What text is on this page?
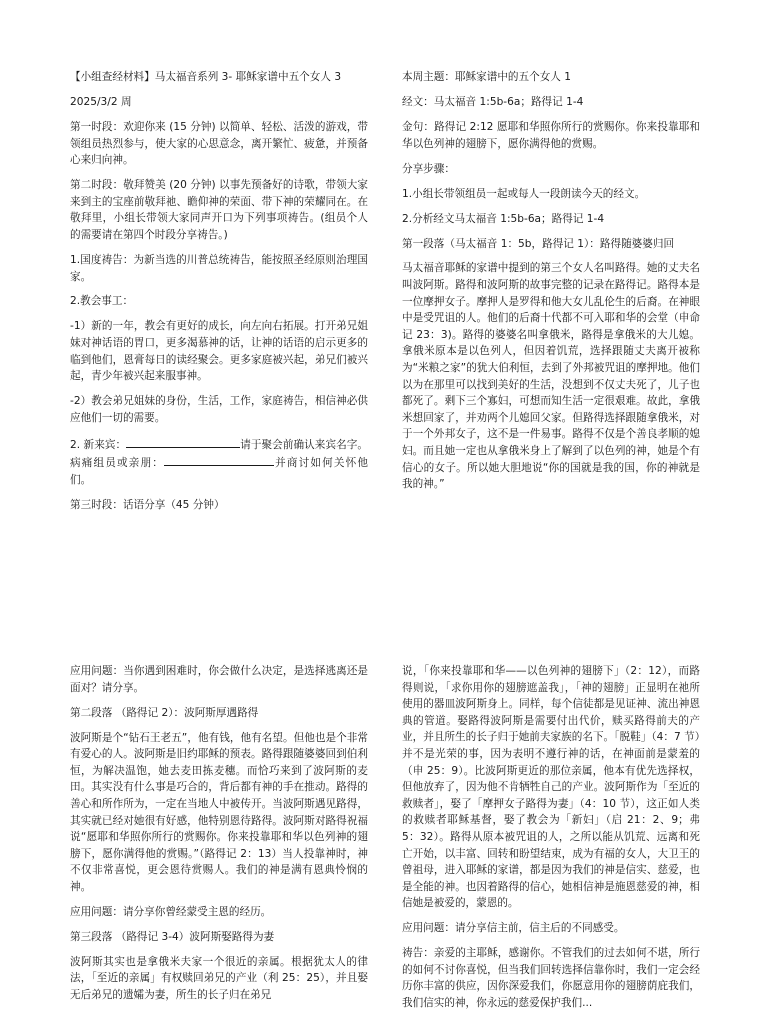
【小组查经材料】马太福音系列 3- 耶稣家谱中五个女人 3

2025/3/2 周

第一时段：欢迎你来 (15 分钟) 以简单、轻松、活泼的游戏，带领组员热烈参与，使大家的心思意念，离开繁忙、疲惫，并预备心来归向神。

第二时段：敬拜赞美 (20 分钟) 以事先预备好的诗歌，带领大家来到主的宝座前敬拜祂、瞻仰神的荣面、带下神的荣耀同在。在敬拜里，小组长带领大家同声开口为下列事项祷告。(组员个人的需要请在第四个时段分享祷告。)

1.国度祷告：为新当选的川普总统祷告，能按照圣经原则治理国家。

2.教会事工：

-1）新的一年，教会有更好的成长，向左向右拓展。打开弟兄姐妹对神话语的胃口，更多渴慕神的话，让神的话语的启示更多的临到他们，恩膏每日的读经聚会。更多家庭被兴起，弟兄们被兴起，青少年被兴起来服事神。

-2）教会弟兄姐妹的身份，生活，工作，家庭祷告，相信神必供应他们一切的需要。

2. 新来宾：	请于聚会前确认来宾名字。病痛组员或亲朋：	并商讨如何关怀他们。

第三时段：话语分享（45 分钟）

本周主题：耶稣家谱中的五个女人 1

经文：马太福音 1:5b-6a；路得记 1-4

金句：路得记 2:12 愿耶和华照你所行的赏赐你。你来投靠耶和华以色列神的翅膀下，愿你满得他的赏赐。

分享步骤：

1.小组长带领组员一起或每人一段朗读今天的经文。

2.分析经文马太福音 1:5b-6a；路得记 1-4

第一段落（马太福音 1：5b，路得记 1）：路得随婆婆归回

马太福音耶稣的家谱中提到的第三个女人名叫路得。她的丈夫名叫波阿斯。路得和波阿斯的故事完整的记录在路得记。路得本是一位摩押女子。摩押人是罗得和他大女儿乱伦生的后裔。在神眼中是受咒诅的人。他们的后裔十代都不可入耶和华的会堂（申命记 23：3)。路得的婆婆名叫拿俄米，路得是拿俄米的大儿媳。拿俄米原本是以色列人，但因着饥荒，选择跟随丈夫离开被称为“米粮之家”的犹大伯利恒，去到了外邦被咒诅的摩押地。他们以为在那里可以找到美好的生活，没想到不仅丈夫死了，儿子也都死了。剩下三个寡妇，可想而知生活一定很艰难。故此，拿俄米想回家了，并劝两个儿媳回父家。但路得选择跟随拿俄米，对于一个外邦女子，这不是一件易事。路得不仅是个善良孝顺的媳妇。而且她一定也从拿俄米身上了解到了以色列的神，她是个有信心的女子。所以她大胆地说“你的国就是我的国，你的神就是我的神。”

应用问题：当你遇到困难时，你会做什么决定，是选择逃离还是面对？请分享。

第二段落 （路得记 2）：波阿斯厚遇路得

波阿斯是个“钻石王老五”，他有钱，他有名望。但他也是个非常有爱心的人。波阿斯是旧约耶稣的预表。路得跟随婆婆回到伯利恒，为解决温饱，她去麦田拣麦穗。而恰巧来到了波阿斯的麦田。其实没有什么事是巧合的，背后都有神的手在推动。路得的善心和所作所为，一定在当地人中被传开。当波阿斯遇见路得，其实就已经对她很有好感，他特别恩待路得。波阿斯对路得祝福说“愿耶和华照你所行的赏赐你。你来投靠耶和华以色列神的翅膀下，愿你满得他的赏赐。”（路得记 2：13）当人投靠神时，神不仅非常喜悦，更会恩待赏赐人。我们的神是满有恩典怜悯的神。

应用问题：请分享你曾经蒙受主恩的经历。

第三段落 （路得记 3-4）波阿斯娶路得为妻

波阿斯其实也是拿俄米夫家一个很近的亲属。根据犹太人的律法，「至近的亲属」有权赎回弟兄的产业（利 25：25），并且娶无后弟兄的遗孀为妻，所生的长子归在弟兄

说，「你来投靠耶和华——以色列神的翅膀下」（2：12），而路得则说，「求你用你的翅膀遮盖我」，「神的翅膀」正显明在祂所使用的器皿波阿斯身上。同样，每个信徒都是见证神、流出神恩典的管道。娶路得波阿斯是需要付出代价，赎买路得前夫的产业，并且所生的长子归于她前夫家族的名下。「脱鞋」（4：7 节）并不是光荣的事，因为表明不遵行神的话，在神面前是蒙羞的（申 25：9）。比波阿斯更近的那位亲属，他本有优先选择权，但他放弃了，因为他不肯牺牲自己的产业。波阿斯作为「至近的救赎者」，娶了「摩押女子路得为妻」（4：10 节），这正如人类的救赎者耶稣基督，娶了教会为「新妇」（启 21：2、9；弗 5：32）。路得从原本被咒诅的人，之所以能从饥荒、远离和死亡开始，以丰富、回转和盼望结束，成为有福的女人，大卫王的曾祖母，进入耶稣的家谱，都是因为我们的神是信实、慈爱，也是全能的神。也因着路得的信心，她相信神是施恩慈爱的神，相信她是被爱的，蒙恩的。

应用问题：请分享信主前，信主后的不同感受。

祷告：亲爱的主耶稣，感谢你。不管我们的过去如何不堪，所行的如何不讨你喜悦，但当我们回转选择信靠你时，我们一定会经历你丰富的供应，因你深爱我们，你愿意用你的翅膀荫庇我们，我们信实的神，你永远的慈爱保护我们...
